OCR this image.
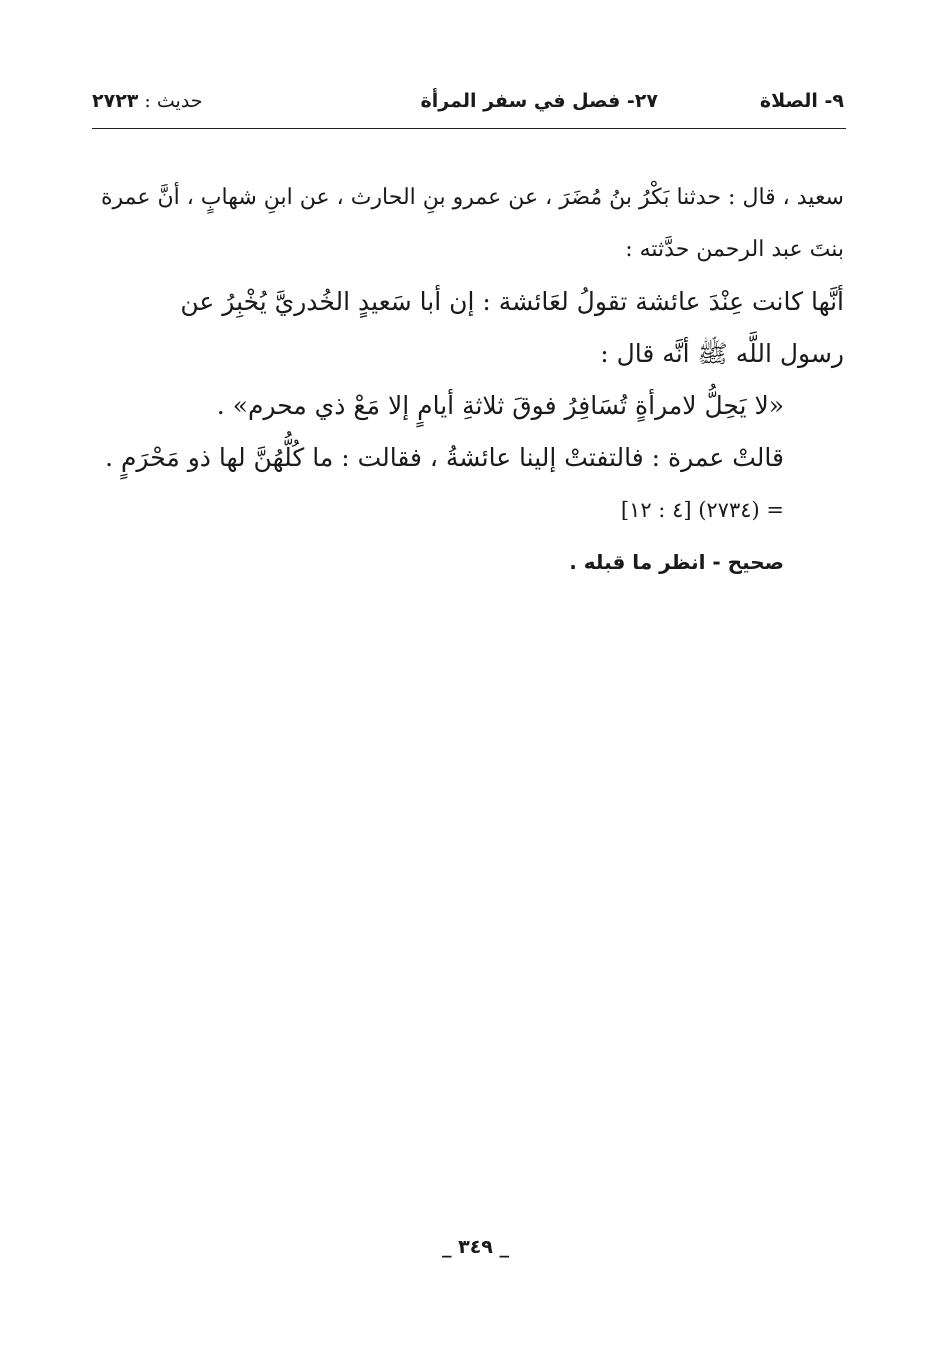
٩- الصلاة
٢٧- فصل في سفر المرأة
حديث : ٢٧٢٣
سعيد ، قال : حدثنا بَكْرُ بنُ مُضَرَ ، عن عمرو بنِ الحارث ، عن ابنِ شهابٍ ، أنَّ عمرة
بنتَ عبد الرحمن حدَّثته :
أنَّها كانت عِنْدَ عائشة تقولُ لعَائشة : إن أبا سَعيدٍ الخُدريَّ يُخْبِرُ عن
رسول اللَّه ﷺ أنَّه قال :
«لا يَحِلُّ لامرأةٍ تُسَافِرُ فوقَ ثلاثةِ أيامٍ إلا مَعْ ذي محرم» .
قالتْ عمرة : فالتفتتْ إلينا عائشةُ ، فقالت : ما كُلُّهُنَّ لها ذو مَحْرَمٍ .
= (٢٧٣٤) [٤ : ١٢]
صحيح - انظر ما قبله .
_ ٣٤٩ _
